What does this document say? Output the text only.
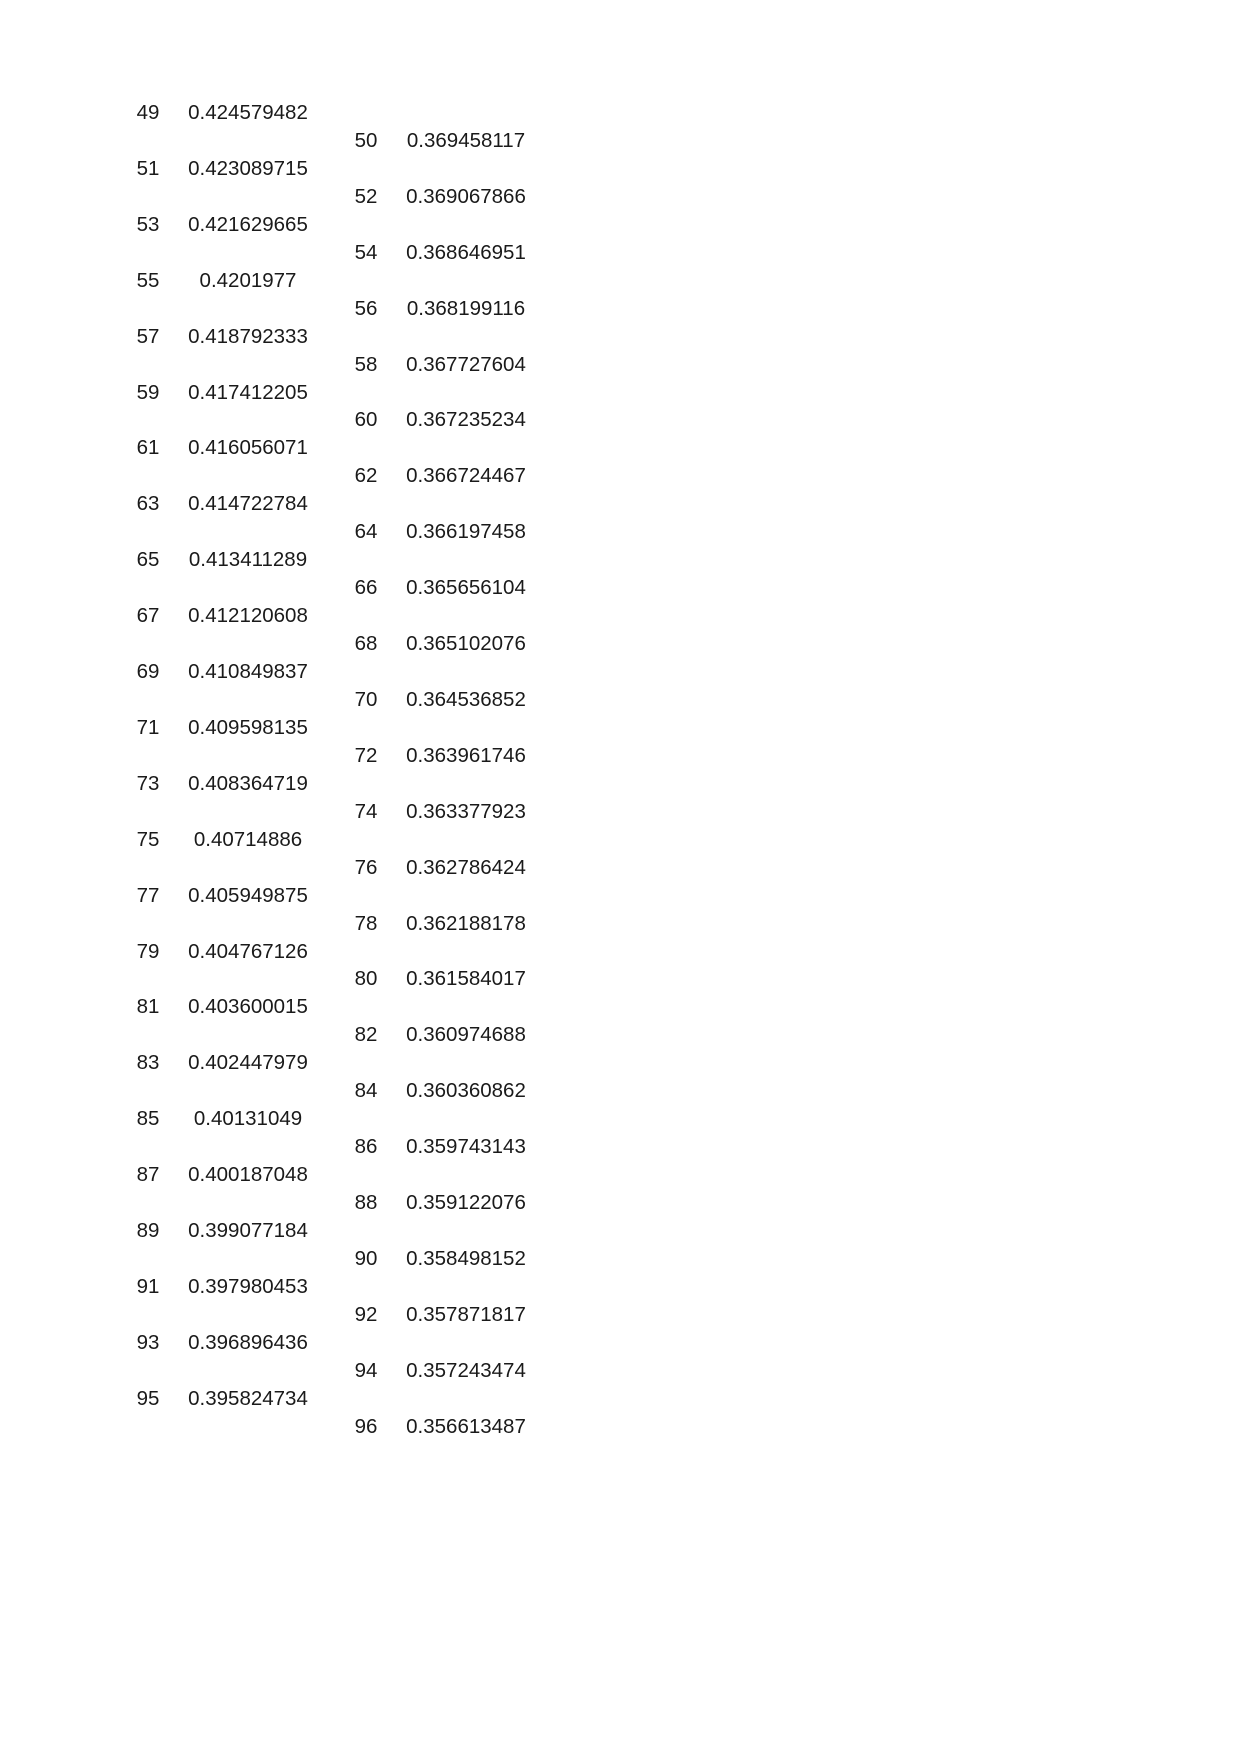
49	0.424579482
50	0.369458117
51	0.423089715
52	0.369067866
53	0.421629665
54	0.368646951
55	0.4201977
56	0.368199116
57	0.418792333
58	0.367727604
59	0.417412205
60	0.367235234
61	0.416056071
62	0.366724467
63	0.414722784
64	0.366197458
65	0.413411289
66	0.365656104
67	0.412120608
68	0.365102076
69	0.410849837
70	0.364536852
71	0.409598135
72	0.363961746
73	0.408364719
74	0.363377923
75	0.40714886
76	0.362786424
77	0.405949875
78	0.362188178
79	0.404767126
80	0.361584017
81	0.403600015
82	0.360974688
83	0.402447979
84	0.360360862
85	0.40131049
86	0.359743143
87	0.400187048
88	0.359122076
89	0.399077184
90	0.358498152
91	0.397980453
92	0.357871817
93	0.396896436
94	0.357243474
95	0.395824734
96	0.356613487
